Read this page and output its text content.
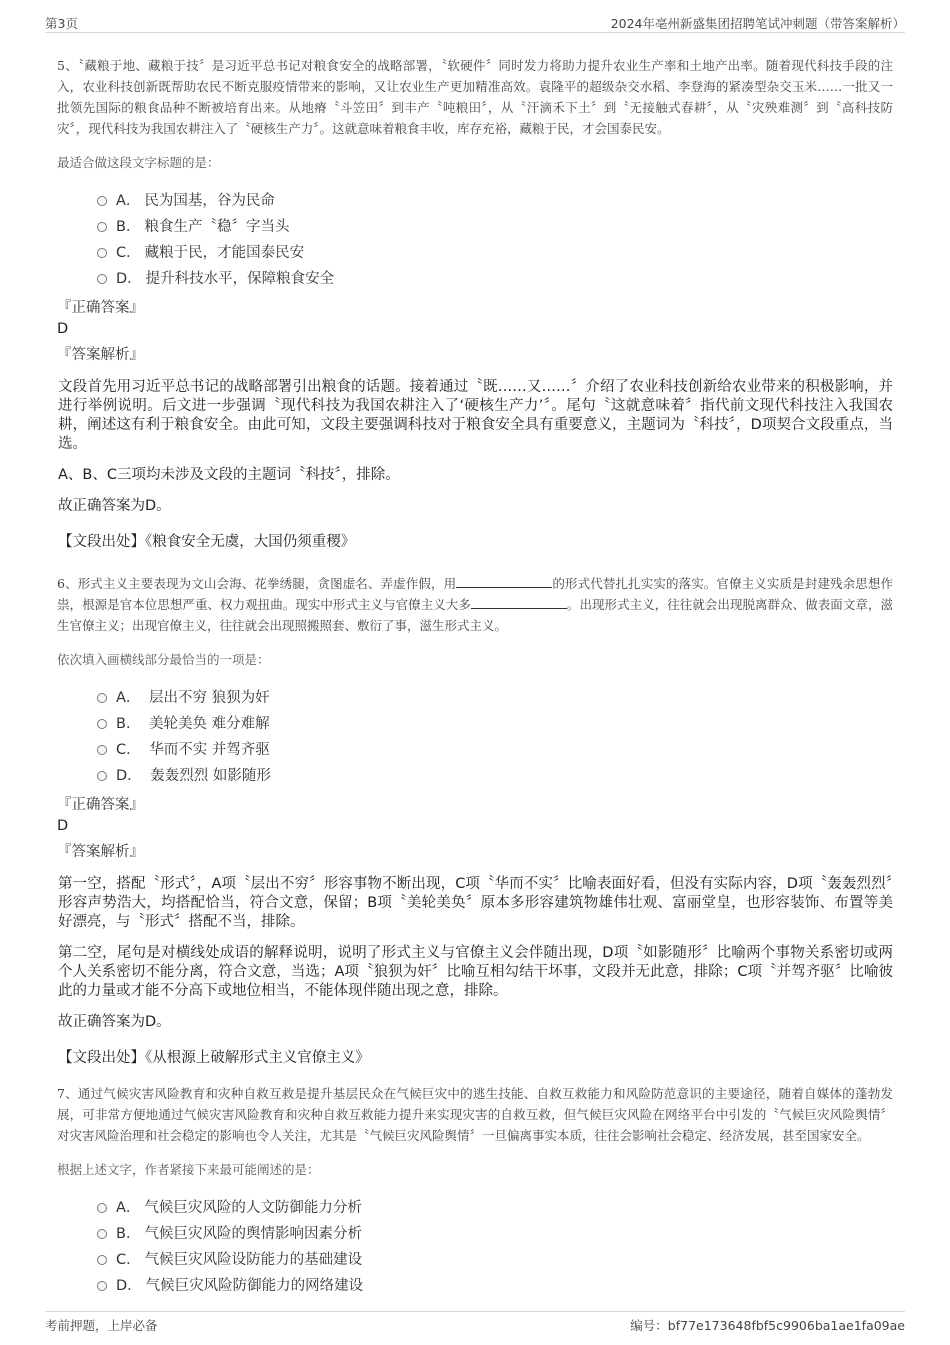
第3页	2024年亳州新盛集团招聘笔试冲刺题（带答案解析）

5、〝藏粮于地、藏粮于技〞是习近平总书记对粮食安全的战略部署，〝软硬件〞同时发力将助力提升农业生产率和土地产出率。随着现代科技手段的注入，农业科技创新既帮助农民不断克服疫情带来的影响，又让农业生产更加精准高效。袁隆平的超级杂交水稻、李登海的紧凑型杂交玉米……一批又一批领先国际的粮食品种不断被培育出来。从地瘠〝斗笠田〞到丰产〝吨粮田〞，从〝汗滴禾下土〞到〝无接触式春耕〞，从〝灾殃难测〞到〝高科技防灾〞，现代科技为我国农耕注入了〝硬核生产力〞。这就意味着粮食丰收，库存充裕，藏粮于民，才会国泰民安。

最适合做这段文字标题的是：

A． 民为国基，谷为民命
B． 粮食生产〝稳〞字当头
C． 藏粮于民，才能国泰民安
D． 提升科技水平，保障粮食安全
『正确答案』
D
『答案解析』

文段首先用习近平总书记的战略部署引出粮食的话题。接着通过〝既……又……〞介绍了农业科技创新给农业带来的积极影响，并进行举例说明。后文进一步强调〝现代科技为我国农耕注入了‘硬核生产力’〞。尾句〝这就意味着〞指代前文现代科技注入我国农耕，阐述这有利于粮食安全。由此可知，文段主要强调科技对于粮食安全具有重要意义，主题词为〝科技〞，D项契合文段重点，当选。

A、B、C三项均未涉及文段的主题词〝科技〞，排除。

故正确答案为D。

【文段出处】《粮食安全无虞，大国仍须重稷》

6、形式主义主要表现为文山会海、花拳绣腿，贪图虚名、弄虚作假，用	的形式代替扎扎实实的落实。官僚主义实质是封建残余思想作祟，根源是官本位思想严重、权力观扭曲。现实中形式主义与官僚主义大多	。出现形式主义，往往就会出现脱离群众、做表面文章，滋生官僚主义；出现官僚主义，往往就会出现照搬照套、敷衍了事，滋生形式主义。

依次填入画横线部分最恰当的一项是：

A． 层出不穷 狼狈为奸
B． 美轮美奂 难分难解
C． 华而不实 并驾齐驱
D． 轰轰烈烈 如影随形
『正确答案』
D
『答案解析』

第一空，搭配〝形式〞，A项〝层出不穷〞形容事物不断出现，C项〝华而不实〞比喻表面好看，但没有实际内容，D项〝轰轰烈烈〞形容声势浩大，均搭配恰当，符合文意，保留；B项〝美轮美奂〞原本多形容建筑物雄伟壮观、富丽堂皇，也形容装饰、布置等美好漂亮，与〝形式〞搭配不当，排除。

第二空，尾句是对横线处成语的解释说明，说明了形式主义与官僚主义会伴随出现，D项〝如影随形〞比喻两个事物关系密切或两个人关系密切不能分离，符合文意，当选；A项〝狼狈为奸〞比喻互相勾结干坏事，文段并无此意，排除；C项〝并驾齐驱〞比喻彼此的力量或才能不分高下或地位相当，不能体现伴随出现之意，排除。

故正确答案为D。

【文段出处】《从根源上破解形式主义官僚主义》

7、通过气候灾害风险教育和灾种自救互救是提升基层民众在气候巨灾中的逃生技能、自救互救能力和风险防范意识的主要途径，随着自媒体的蓬勃发展，可非常方便地通过气候灾害风险教育和灾种自救互救能力提升来实现灾害的自救互救，但气候巨灾风险在网络平台中引发的〝气候巨灾风险舆情〞对灾害风险治理和社会稳定的影响也令人关注，尤其是〝气候巨灾风险舆情〞一旦偏离事实本质，往往会影响社会稳定、经济发展，甚至国家安全。

根据上述文字，作者紧接下来最可能阐述的是：

A． 气候巨灾风险的人文防御能力分析
B． 气候巨灾风险的舆情影响因素分析
C． 气候巨灾风险设防能力的基础建设
D． 气候巨灾风险防御能力的网络建设
考前押题，上岸必备	编号：bf77e173648fbf5c9906ba1ae1fa09ae
